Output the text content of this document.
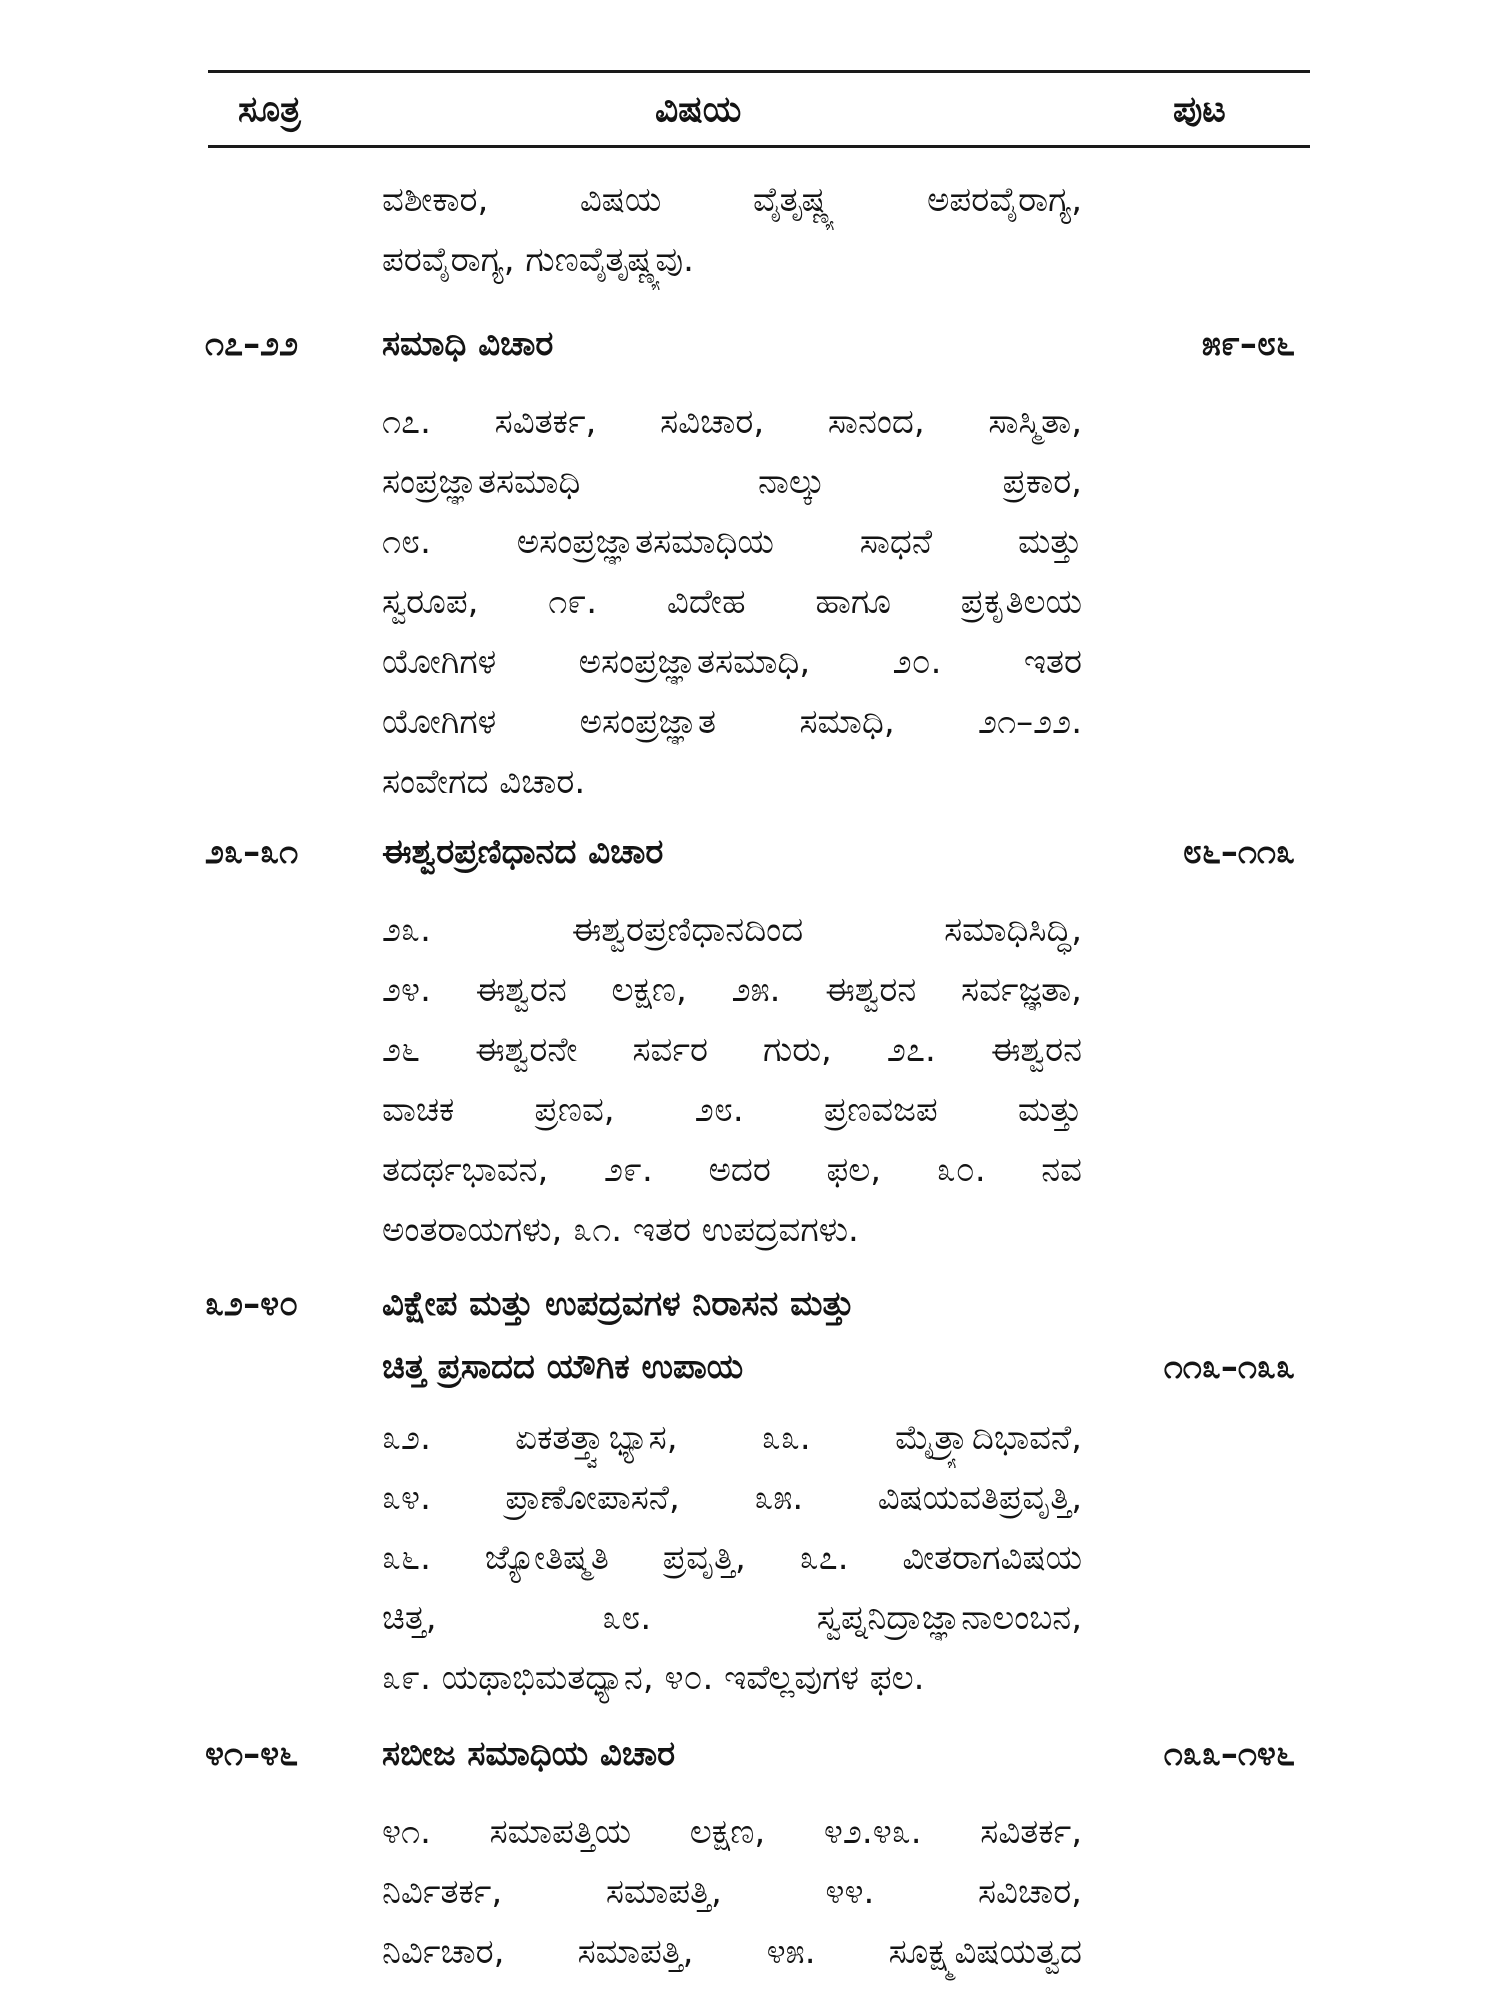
ಸೂತ್ರ	ವಿಷಯ	ಪುಟ
ವಶೀಕಾರ, ವಿಷಯ ವೈತೃಷ್ಣ್ಯ ಅಪರವೈರಾಗ್ಯ,
ಪರವೈರಾಗ್ಯ, ಗುಣವೈತೃಷ್ಣ್ಯವು.
೧೭–೨೨ ಸಮಾಧಿ ವಿಚಾರ	೫೯–೮೬
೧೭. ಸವಿತರ್ಕ, ಸವಿಚಾರ, ಸಾನಂದ, ಸಾಸ್ಮಿತಾ,
ಸಂಪ್ರಜ್ಞಾತಸಮಾಧಿ ನಾಲ್ಕು ಪ್ರಕಾರ,
೧೮. ಅಸಂಪ್ರಜ್ಞಾತಸಮಾಧಿಯ ಸಾಧನೆ ಮತ್ತು
ಸ್ವರೂಪ, ೧೯. ವಿದೇಹ ಹಾಗೂ ಪ್ರಕೃತಿಲಯ
ಯೋಗಿಗಳ ಅಸಂಪ್ರಜ್ಞಾತಸಮಾಧಿ, ೨೦. ಇತರ
ಯೋಗಿಗಳ ಅಸಂಪ್ರಜ್ಞಾತ ಸಮಾಧಿ, ೨೧–೨೨.
ಸಂವೇಗದ ವಿಚಾರ.
೨೩–೩೧ ಈಶ್ವರಪ್ರಣಿಧಾನದ ವಿಚಾರ	೮೬–೧೧೩
೨೩. ಈಶ್ವರಪ್ರಣಿಧಾನದಿಂದ ಸಮಾಧಿಸಿದ್ಧಿ,
೨೪. ಈಶ್ವರನ ಲಕ್ಷಣ, ೨೫. ಈಶ್ವರನ ಸರ್ವಜ್ಞತಾ,
೨೬ ಈಶ್ವರನೇ ಸರ್ವರ ಗುರು, ೨೭. ಈಶ್ವರನ
ವಾಚಕ ಪ್ರಣವ, ೨೮. ಪ್ರಣವಜಪ ಮತ್ತು
ತದರ್ಥಭಾವನ, ೨೯. ಅದರ ಫಲ, ೩೦. ನವ
ಅಂತರಾಯಗಳು, ೩೧. ಇತರ ಉಪದ್ರವಗಳು.
೩೨–೪೦ ವಿಕ್ಷೇಪ ಮತ್ತು ಉಪದ್ರವಗಳ ನಿರಾಸನ ಮತ್ತು
ಚಿತ್ತ ಪ್ರಸಾದದ ಯೌಗಿಕ ಉಪಾಯ	೧೧೩–೧೩೩
೩೨. ಏಕತತ್ತ್ವಾಭ್ಯಾಸ, ೩೩. ಮೈತ್ರ್ಯಾದಿಭಾವನೆ,
೩೪. ಪ್ರಾಣೋಪಾಸನೆ, ೩೫. ವಿಷಯವತಿಪ್ರವೃತ್ತಿ,
೩೬. ಜ್ಯೋತಿಷ್ಮತಿ ಪ್ರವೃತ್ತಿ, ೩೭. ವೀತರಾಗವಿಷಯ
ಚಿತ್ತ, ೩೮. ಸ್ವಪ್ನನಿದ್ರಾಜ್ಞಾನಾಲಂಬನ,
೩೯. ಯಥಾಭಿಮತಧ್ಯಾನ, ೪೦. ಇವೆಲ್ಲವುಗಳ ಫಲ.
೪೧–೪೬ ಸಬೀಜ ಸಮಾಧಿಯ ವಿಚಾರ	೧೩೩–೧೪೬
೪೧. ಸಮಾಪತ್ತಿಯ ಲಕ್ಷಣ, ೪೨.೪೩. ಸವಿತರ್ಕ,
ನಿರ್ವಿತರ್ಕ, ಸಮಾಪತ್ತಿ, ೪೪. ಸವಿಚಾರ,
ನಿರ್ವಿಚಾರ, ಸಮಾಪತ್ತಿ, ೪೫. ಸೂಕ್ಷ್ಮವಿಷಯತ್ವದ
